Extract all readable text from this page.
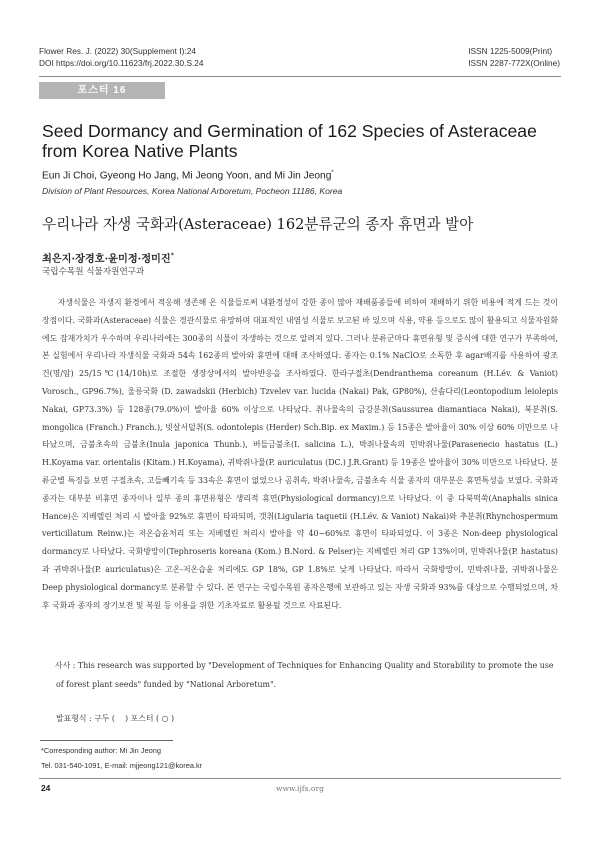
Flower Res. J. (2022) 30(Supplement Ⅰ):24
DOI https://doi.org/10.11623/frj.2022.30.S.24
ISSN 1225-5009(Print)
ISSN 2287-772X(Online)
포스터 16
Seed Dormancy and Germination of 162 Species of Asteraceae from Korea Native Plants
Eun Ji Choi, Gyeong Ho Jang, Mi Jeong Yoon, and Mi Jin Jeong*
Division of Plant Resources, Korea National Arboretum, Pocheon 11186, Korea
우리나라 자생 국화과(Asteraceae) 162분류군의 종자 휴면과 발아
최은지·장경호·윤미정·정미진*
국립수목원 식물자원연구과

자생식물은 자생지 환경에서 적응해 생존해 온 식물들로써 내환경성이 강한 종이 많아 재배품종들에 비하여 재배하기 위한 비용에 적게 드는 것이 장점이다. 국화과(Asteraceae) 식물은 경관식물로 유망하며 대표적인 내염성 식물로 보고된 바 있으며 식용, 약용 등으로도 많이 활용되고 식물자원화에도 잠재가치가 우수하며 우리나라에는 300종의 식물이 자생하는 것으로 알려져 있다. 그러나 분류군마다 휴면유형 및 증식에 대한 연구가 부족하여, 본 실험에서 우리나라 자생식물 국화과 54속 162종의 발아와 휴면에 대해 조사하였다. 종자는 0.1% NaClO로 소독한 후 agar배지를 사용하여 광조건(명/암) 25/15℃(14/10h)로 조절한 생장상에서의 발아반응을 조사하였다. 한라구절초(Dendranthema coreanum (H.Lév. & Vaniot) Vorosch., GP96.7%), 울릉국화 (D. zawadskii (Herbich) Tzvelev var. lucida (Nakai) Pak, GP80%), 산솜다리(Leontopodium leiolepis Nakai, GP73.3%) 등 128종(79.0%)이 발아율 60% 이상으로 나타났다. 취나물속의 금강분취(Saussurea diamantiaca Nakai), 북분취(S. mongolica (Franch.) Franch.), 빗살서덜취(S. odontolepis (Herder) Sch.Bip. ex Maxim.) 등 15종은 발아율이 30% 이상 60% 미만으로 나타났으며, 금불초속의 금불초(Inula japonica Thunb.), 버들금불초(I. salicina L.), 박쥐나물속의 민박쥐나물(Parasenecio hastatus (L.) H.Koyama var. orientalis (Kitam.) H.Koyama), 귀박쥐나물(P. auriculatus (DC.) J.R.Grant) 등 19종은 발아율이 30% 미만으로 나타났다. 분류군별 특징을 보면 구절초속, 고들빼기속 등 33속은 휴면이 없었으나 곰취속, 박쥐나물속, 금불초속 식물 종자의 대부분은 휴면특성을 보였다. 국화과 종자는 대부분 비휴면 종자이나 일부 종의 휴면유형은 생리적 휴면(Physiological dormancy)으로 나타났다. 이 중 다북떡쑥(Anaphalis sinica Hance)은 지베렐린 처리 시 발아율 92%로 휴면이 타파되며, 갯취(Ligularia taquetii (H.Lév. & Vaniot) Nakai)와 추분취(Rhynchospermum verticillatum Reinw.)는 저온습윤처리 또는 지베렐린 처리시 발아율 약 40~60%로 휴면이 타파되었다. 이 3종은 Non-deep physiological dormancy로 나타났다. 국화방망이(Tephroseris koreana (Kom.) B.Nord. & Pelser)는 지베렐린 처리 GP 13%이며, 민박쥐나물(P. hastatus)과 귀박쥐나물(P. auriculatus)은 고온-저온습윤 처리에도 GP 18%, GP 1.8%로 낮게 나타났다. 따라서 국화방망이, 민박쥐나물, 귀박쥐나물은 Deep physiological dormancy로 분류할 수 있다. 본 연구는 국립수목원 종자은행에 보관하고 있는 자생 국화과 93%를 대상으로 수행되었으며, 차후 국화과 종자의 장기보전 및 복원 등 이용을 위한 기초자료로 활용될 것으로 사료된다.

사사 : This research was supported by "Development of Techniques for Enhancing Quality and Storability to promote the use of forest plant seeds" funded by "National Arboretum".

발표형식 : 구두 (    ) 포스터 ( ○ )
*Corresponding author: Mi Jin Jeong
Tel. 031-540-1091, E-mail: mjjeong121@korea.kr
24	www.ijfs.org
